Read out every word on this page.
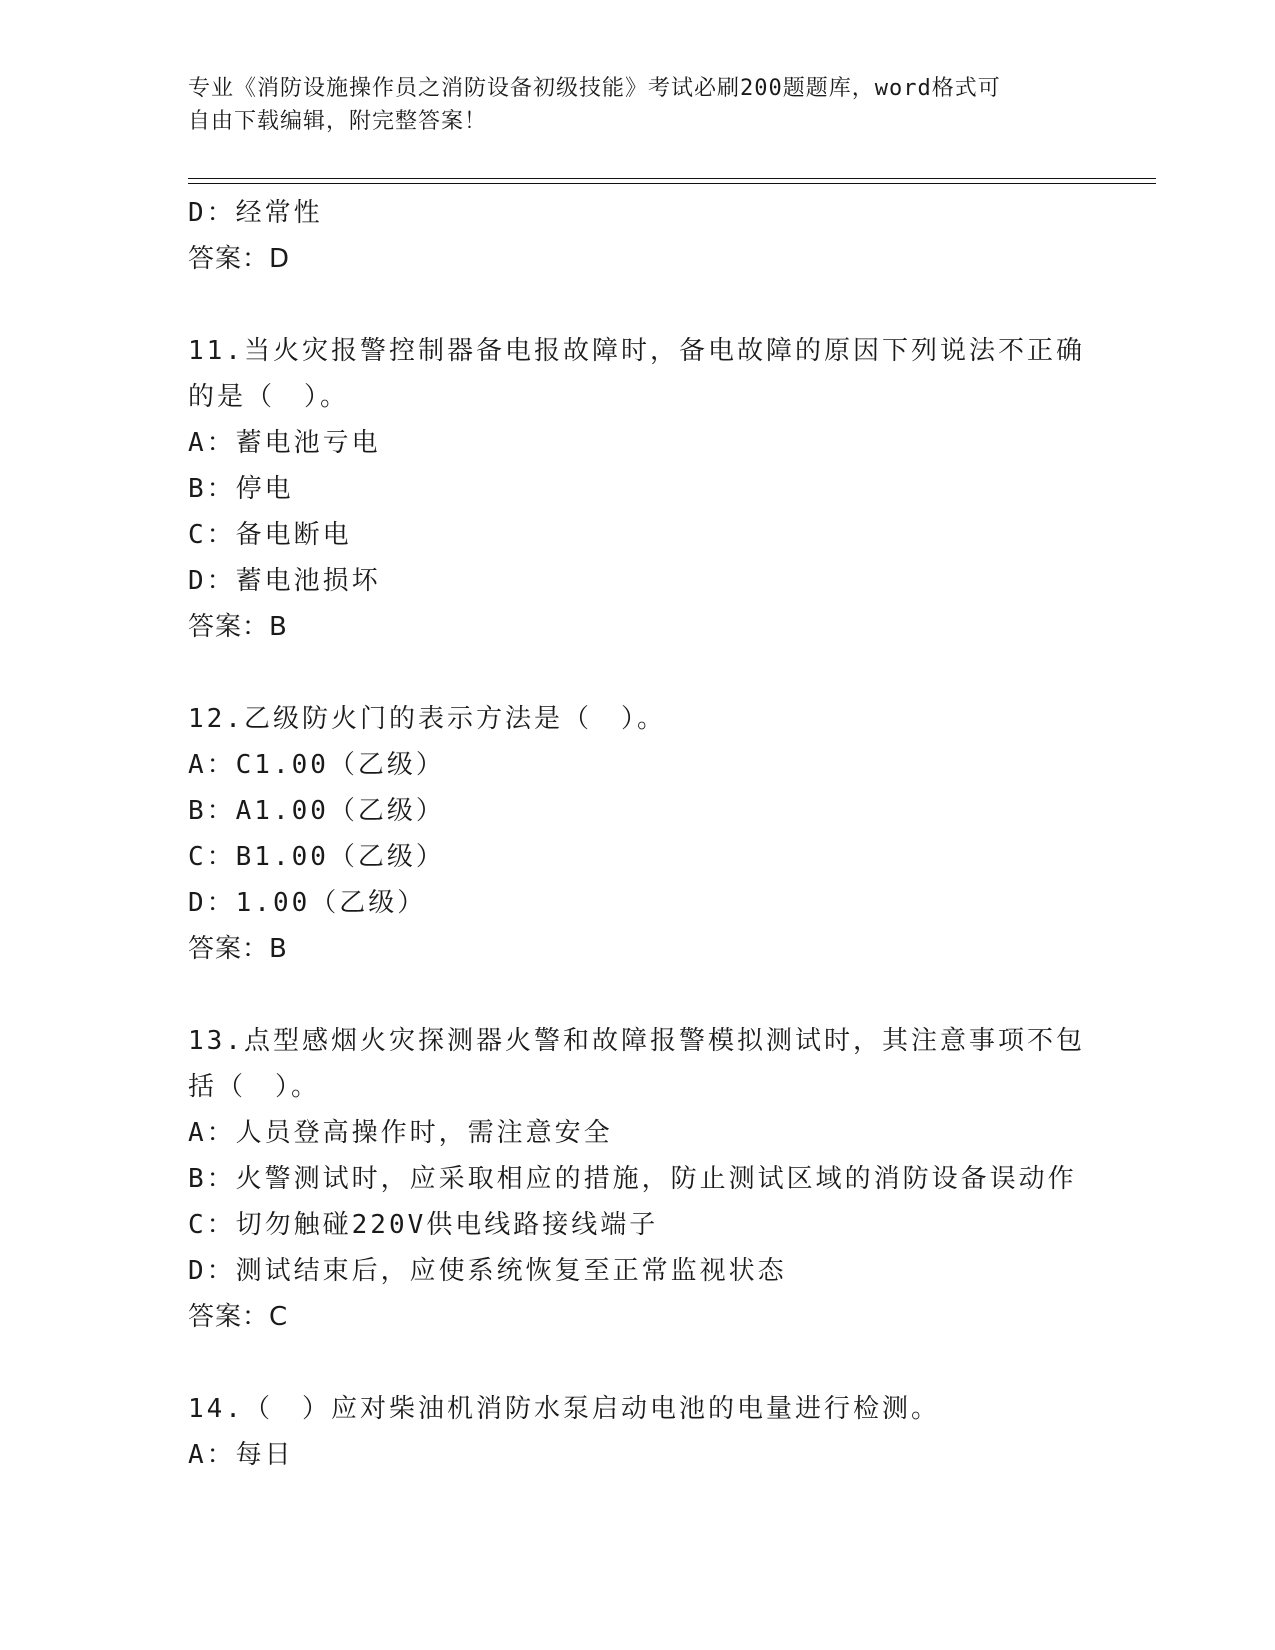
专业《消防设施操作员之消防设备初级技能》考试必刷200题题库，word格式可
自由下载编辑，附完整答案！
D：经常性
答案：D
11.当火灾报警控制器备电报故障时，备电故障的原因下列说法不正确
的是（　）。
A：蓄电池亏电
B：停电
C：备电断电
D：蓄电池损坏
答案：B
12.乙级防火门的表示方法是（　）。
A：C1.00（乙级）
B：A1.00（乙级）
C：B1.00（乙级）
D：1.00（乙级）
答案：B
13.点型感烟火灾探测器火警和故障报警模拟测试时，其注意事项不包
括（　）。
A：人员登高操作时，需注意安全
B：火警测试时，应采取相应的措施，防止测试区域的消防设备误动作
C：切勿触碰220V供电线路接线端子
D：测试结束后，应使系统恢复至正常监视状态
答案：C
14.（　）应对柴油机消防水泵启动电池的电量进行检测。
A：每日
